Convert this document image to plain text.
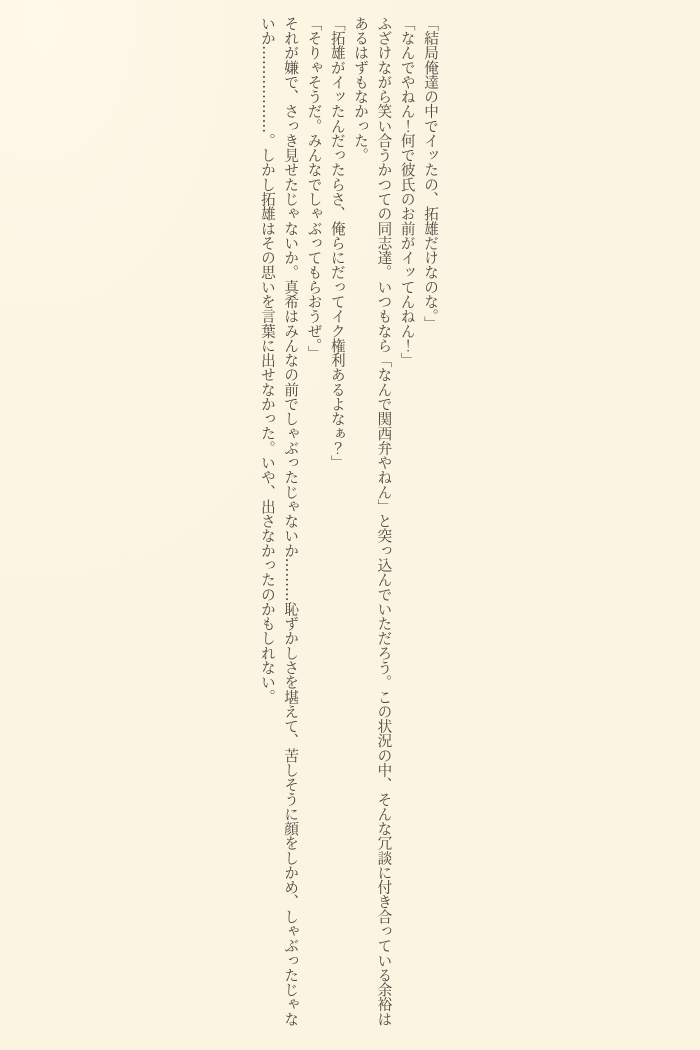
「結局俺達の中でイッたの、拓雄だけなのな。」

「なんでやねん！何で彼氏のお前がイッてんねん！」

ふざけながら笑い合うかつての同志達。いつもなら「なんで関西弁やねん」と突っ込んでいただろう。この状況の中、そんな冗談に付き合っている余裕は

あるはずもなかった。

「拓雄がイッたんだったらさ、俺らにだってイク権利あるよなぁ？」

「そりゃそうだ。みんなでしゃぶってもらおうぜ。」

それが嫌で、さっき見せたじゃないか。真希はみんなの前でしゃぶったじゃないか………恥ずかしさを堪えて、苦しそうに顔をしかめ、しゃぶったじゃな

いか………………。しかし拓雄はその思いを言葉に出せなかった。いや、出さなかったのかもしれない。
